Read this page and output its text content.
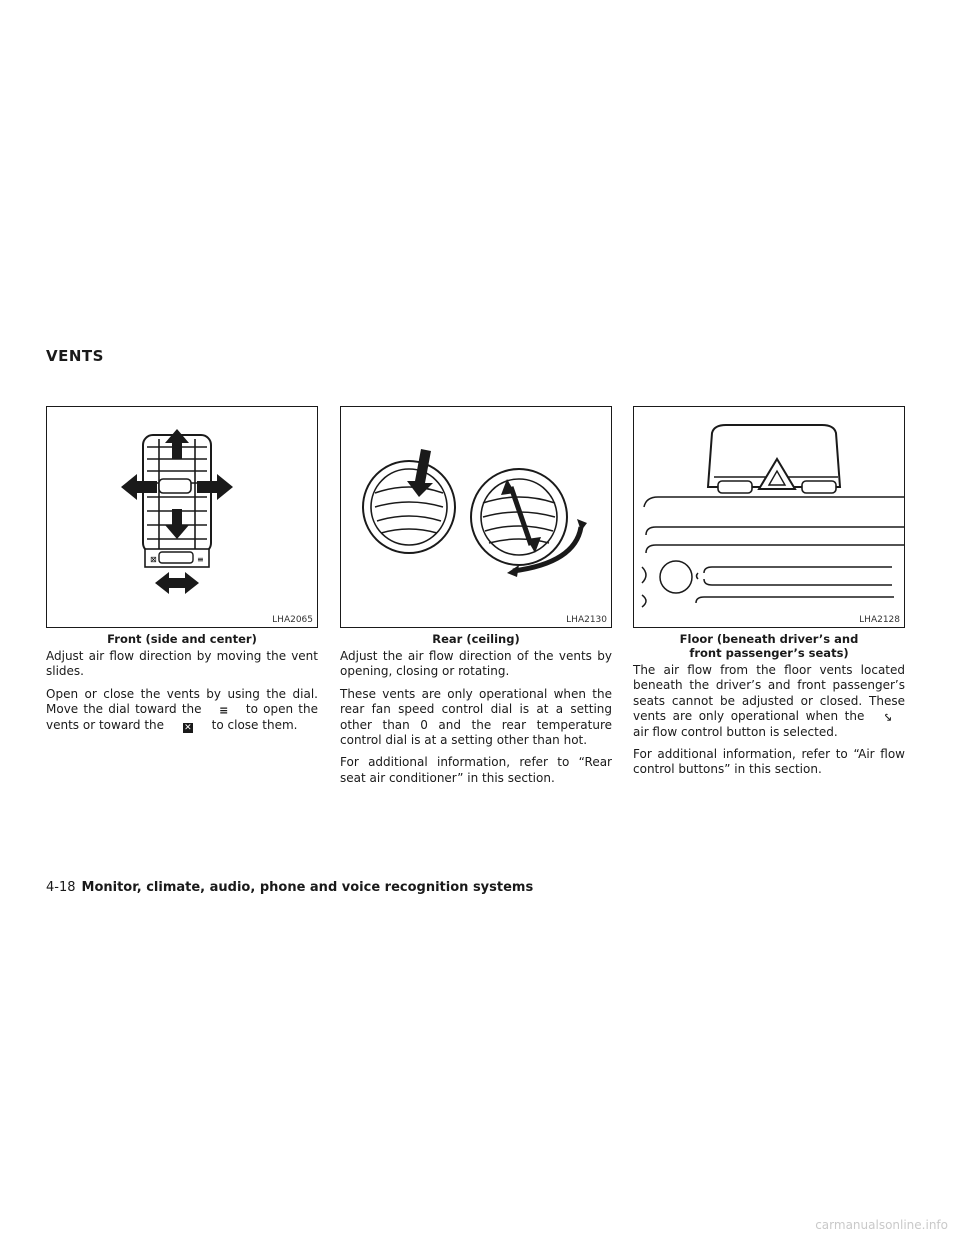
VENTS
⊠	≡
LHA2065
Front (side and center)

Adjust air flow direction by moving the vent slides.

Open or close the vents by using the dial. Move the dial toward the ≡ to open the vents or toward the ✕ to close them.

LHA2130
Rear (ceiling)

Adjust the air flow direction of the vents by opening, closing or rotating.

These vents are only operational when the rear fan speed control dial is at a setting other than 0 and the rear temperature control dial is at a setting other than hot.

For additional information, refer to “Rear seat air conditioner” in this section.

LHA2128
Floor (beneath driver’s and
front passenger’s seats)

The air flow from the floor vents located beneath the driver’s and front passenger’s seats cannot be adjusted or closed. These vents are only operational when the ⤥ air flow control button is selected.

For additional information, refer to “Air flow control buttons” in this section.

4-18 Monitor, climate, audio, phone and voice recognition systems
carmanualsonline.info
